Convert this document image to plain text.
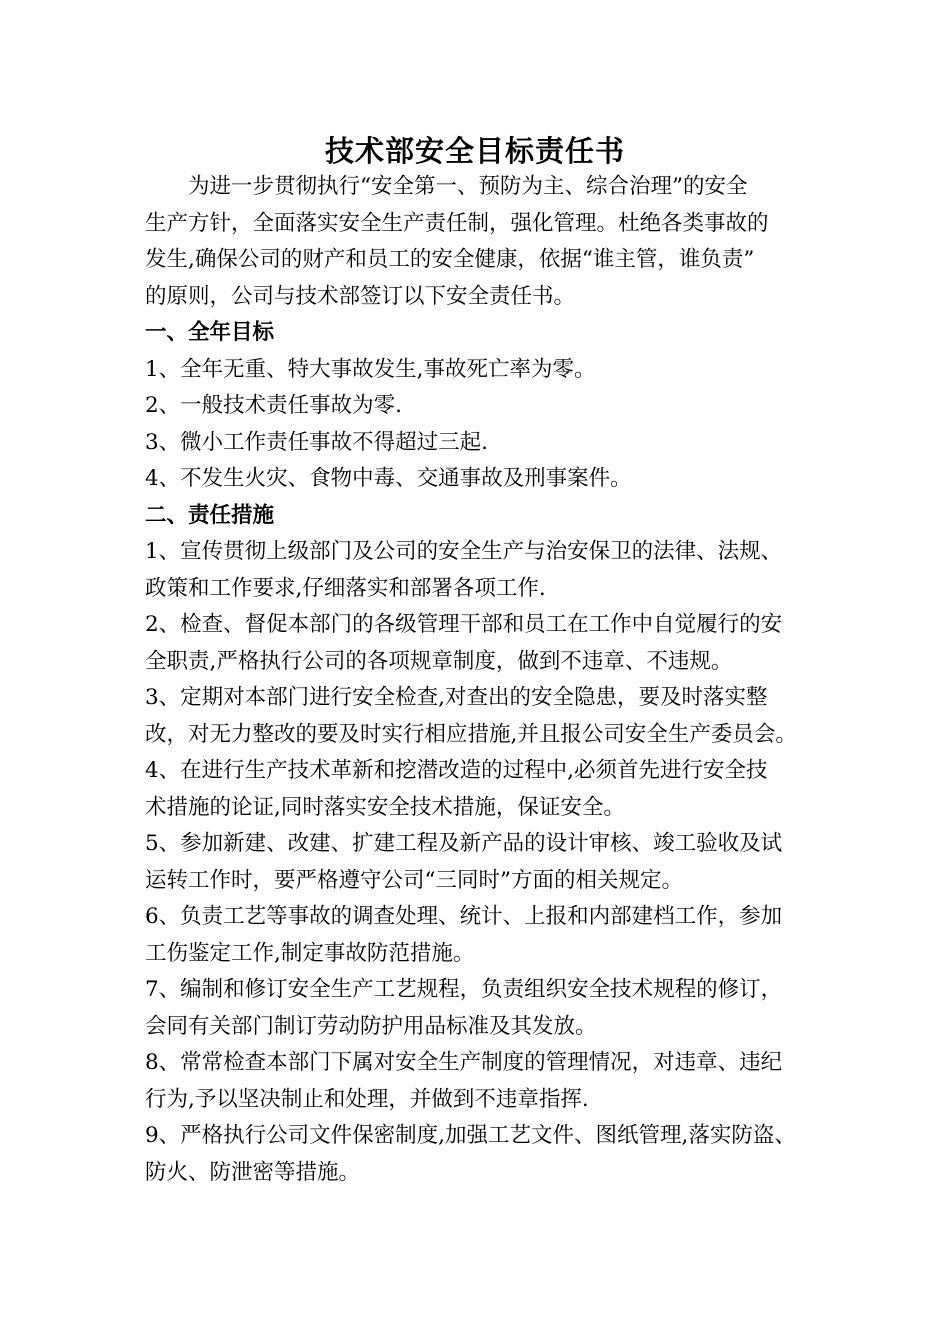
技术部安全目标责任书
为进一步贯彻执行“安全第一、预防为主、综合治理”的安全
生产方针，全面落实安全生产责任制，强化管理。杜绝各类事故的
发生,确保公司的财产和员工的安全健康，依据“谁主管，谁负责”
的原则，公司与技术部签订以下安全责任书。
一、全年目标
1、全年无重、特大事故发生,事故死亡率为零。
2、一般技术责任事故为零.
3、微小工作责任事故不得超过三起.
4、不发生火灾、食物中毒、交通事故及刑事案件。
二、责任措施
1、宣传贯彻上级部门及公司的安全生产与治安保卫的法律、法规、
政策和工作要求,仔细落实和部署各项工作.
2、检查、督促本部门的各级管理干部和员工在工作中自觉履行的安
全职责,严格执行公司的各项规章制度，做到不违章、不违规。
3、定期对本部门进行安全检查,对查出的安全隐患，要及时落实整
改，对无力整改的要及时实行相应措施,并且报公司安全生产委员会。
4、在进行生产技术革新和挖潜改造的过程中,必须首先进行安全技
术措施的论证,同时落实安全技术措施，保证安全。
5、参加新建、改建、扩建工程及新产品的设计审核、竣工验收及试
运转工作时，要严格遵守公司“三同时”方面的相关规定。
6、负责工艺等事故的调查处理、统计、上报和内部建档工作，参加
工伤鉴定工作,制定事故防范措施。
7、编制和修订安全生产工艺规程，负责组织安全技术规程的修订，
会同有关部门制订劳动防护用品标准及其发放。
8、常常检查本部门下属对安全生产制度的管理情况，对违章、违纪
行为,予以坚决制止和处理，并做到不违章指挥.
9、严格执行公司文件保密制度,加强工艺文件、图纸管理,落实防盗、
防火、防泄密等措施。
